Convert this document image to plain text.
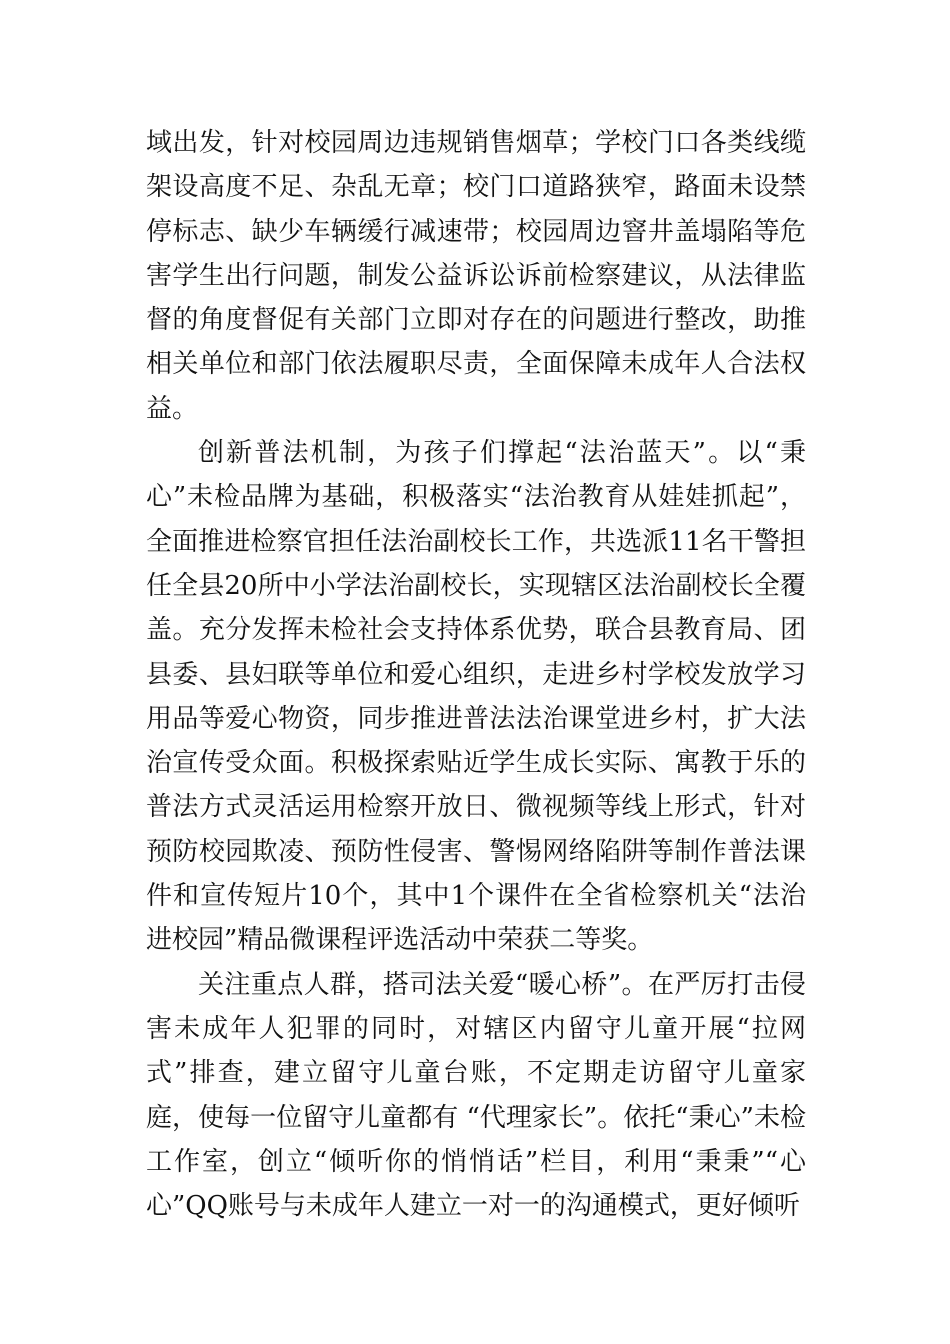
域出发，针对校园周边违规销售烟草；学校门口各类线缆架设高度不足、杂乱无章；校门口道路狭窄，路面未设禁停标志、缺少车辆缓行减速带；校园周边窨井盖塌陷等危害学生出行问题，制发公益诉讼诉前检察建议，从法律监督的角度督促有关部门立即对存在的问题进行整改，助推相关单位和部门依法履职尽责，全面保障未成年人合法权益。

创新普法机制，为孩子们撑起“法治蓝天”。以“秉心”未检品牌为基础，积极落实“法治教育从娃娃抓起”，全面推进检察官担任法治副校长工作，共选派11名干警担任全县20所中小学法治副校长，实现辖区法治副校长全覆盖。充分发挥未检社会支持体系优势，联合县教育局、团县委、县妇联等单位和爱心组织，走进乡村学校发放学习用品等爱心物资，同步推进普法法治课堂进乡村，扩大法治宣传受众面。积极探索贴近学生成长实际、寓教于乐的普法方式灵活运用检察开放日、微视频等线上形式，针对预防校园欺凌、预防性侵害、警惕网络陷阱等制作普法课件和宣传短片10个，其中1个课件在全省检察机关“法治进校园”精品微课程评选活动中荣获二等奖。

关注重点人群，搭司法关爱“暖心桥”。在严厉打击侵害未成年人犯罪的同时，对辖区内留守儿童开展“拉网式”排查，建立留守儿童台账，不定期走访留守儿童家庭，使每一位留守儿童都有 “代理家长”。依托“秉心”未检工作室，创立“倾听你的悄悄话”栏目，利用“秉秉”“心心”QQ账号与未成年人建立一对一的沟通模式，更好倾听
